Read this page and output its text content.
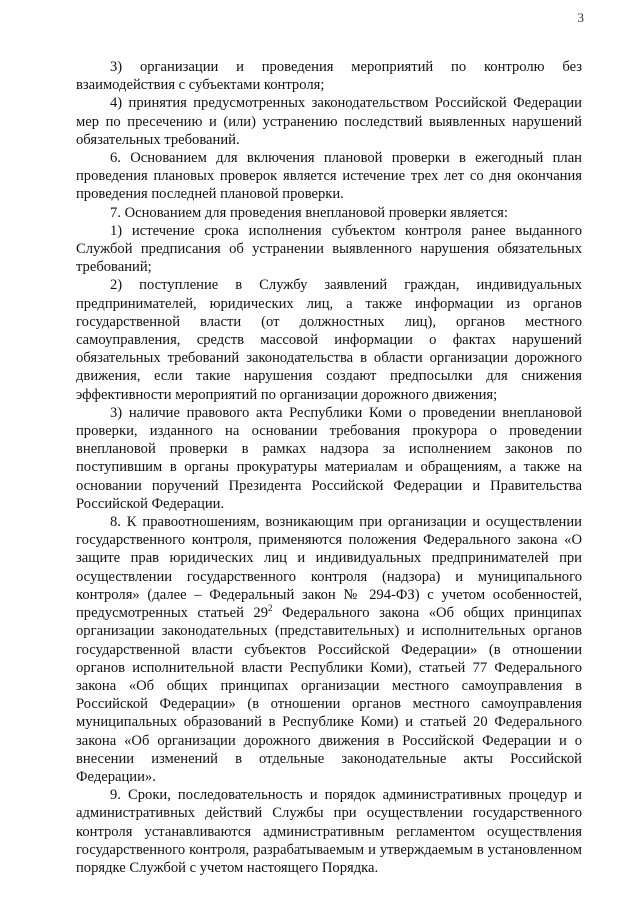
3

3) организации и проведения мероприятий по контролю без взаимодействия с субъектами контроля;

4) принятия предусмотренных законодательством Российской Федерации мер по пресечению и (или) устранению последствий выявленных нарушений обязательных требований.

6. Основанием для включения плановой проверки в ежегодный план проведения плановых проверок является истечение трех лет со дня окончания проведения последней плановой проверки.

7. Основанием для проведения внеплановой проверки является:

1) истечение срока исполнения субъектом контроля ранее выданного Службой предписания об устранении выявленного нарушения обязательных требований;

2) поступление в Службу заявлений граждан, индивидуальных предпринимателей, юридических лиц, а также информации из органов государственной власти (от должностных лиц), органов местного самоуправления, средств массовой информации о фактах нарушений обязательных требований законодательства в области организации дорожного движения, если такие нарушения создают предпосылки для снижения эффективности мероприятий по организации дорожного движения;

3) наличие правового акта Республики Коми о проведении внеплановой проверки, изданного на основании требования прокурора о проведении внеплановой проверки в рамках надзора за исполнением законов по поступившим в органы прокуратуры материалам и обращениям, а также на основании поручений Президента Российской Федерации и Правительства Российской Федерации.

8. К правоотношениям, возникающим при организации и осуществлении государственного контроля, применяются положения Федерального закона «О защите прав юридических лиц и индивидуальных предпринимателей при осуществлении государственного контроля (надзора) и муниципального контроля» (далее – Федеральный закон № 294-ФЗ) с учетом особенностей, предусмотренных статьей $29^2$ Федерального закона «Об общих принципах организации законодательных (представительных) и исполнительных органов государственной власти субъектов Российской Федерации» (в отношении органов исполнительной власти Республики Коми), статьей 77 Федерального закона «Об общих принципах организации местного самоуправления в Российской Федерации» (в отношении органов местного самоуправления муниципальных образований в Республике Коми) и статьей 20 Федерального закона «Об организации дорожного движения в Российской Федерации и о внесении изменений в отдельные законодательные акты Российской Федерации».

9. Сроки, последовательность и порядок административных процедур и административных действий Службы при осуществлении государственного контроля устанавливаются административным регламентом осуществления государственного контроля, разрабатываемым и утверждаемым в установленном порядке Службой с учетом настоящего Порядка.
